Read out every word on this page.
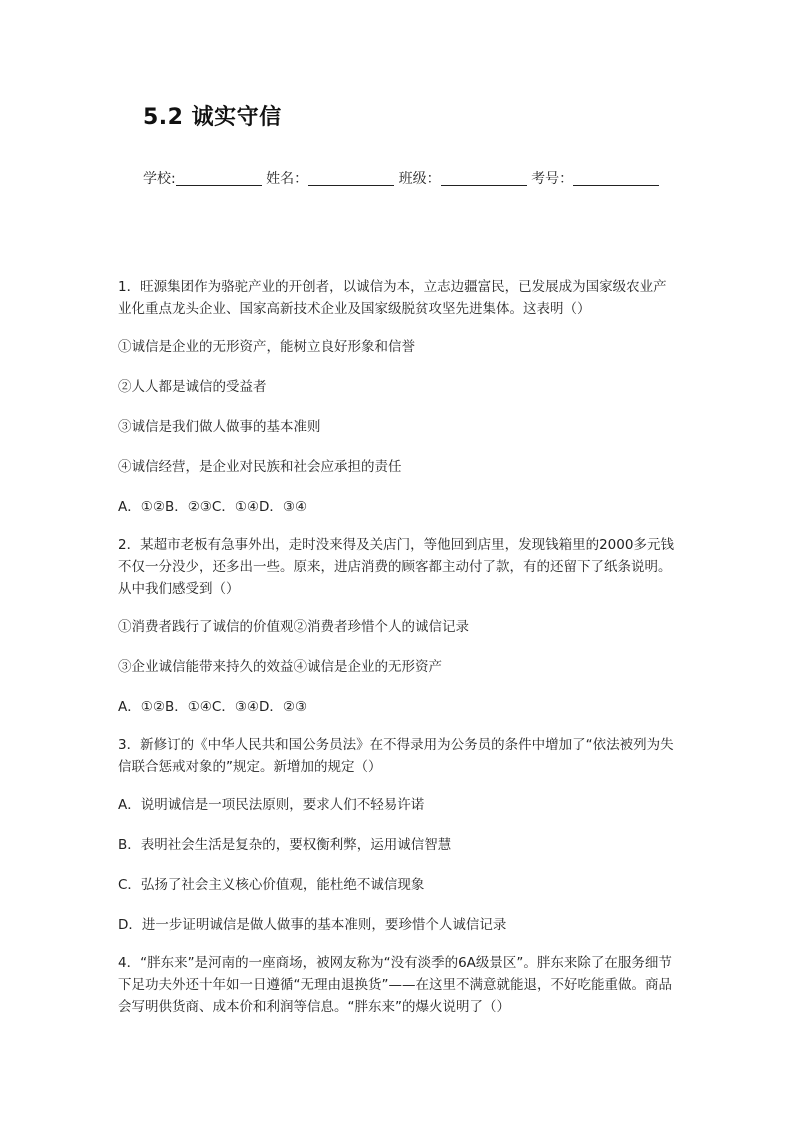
5.2 诚实守信
学校:	姓名：	班级：	考号：

1．旺源集团作为骆驼产业的开创者，以诚信为本，立志边疆富民，已发展成为国家级农业产业化重点龙头企业、国家高新技术企业及国家级脱贫攻坚先进集体。这表明（）

①诚信是企业的无形资产，能树立良好形象和信誉

②人人都是诚信的受益者

③诚信是我们做人做事的基本准则

④诚信经营，是企业对民族和社会应承担的责任

A．①②B．②③C．①④D．③④

2．某超市老板有急事外出，走时没来得及关店门，等他回到店里，发现钱箱里的2000多元钱不仅一分没少，还多出一些。原来，进店消费的顾客都主动付了款，有的还留下了纸条说明。从中我们感受到（）

①消费者践行了诚信的价值观②消费者珍惜个人的诚信记录

③企业诚信能带来持久的效益④诚信是企业的无形资产

A．①②B．①④C．③④D．②③

3．新修订的《中华人民共和国公务员法》在不得录用为公务员的条件中增加了“依法被列为失信联合惩戒对象的”规定。新增加的规定（）

A．说明诚信是一项民法原则，要求人们不轻易许诺

B．表明社会生活是复杂的，要权衡利弊，运用诚信智慧

C．弘扬了社会主义核心价值观，能杜绝不诚信现象

D．进一步证明诚信是做人做事的基本准则，要珍惜个人诚信记录

4．“胖东来”是河南的一座商场，被网友称为“没有淡季的6A级景区”。胖东来除了在服务细节下足功夫外还十年如一日遵循“无理由退换货”——在这里不满意就能退，不好吃能重做。商品会写明供货商、成本价和利润等信息。“胖东来”的爆火说明了（）
